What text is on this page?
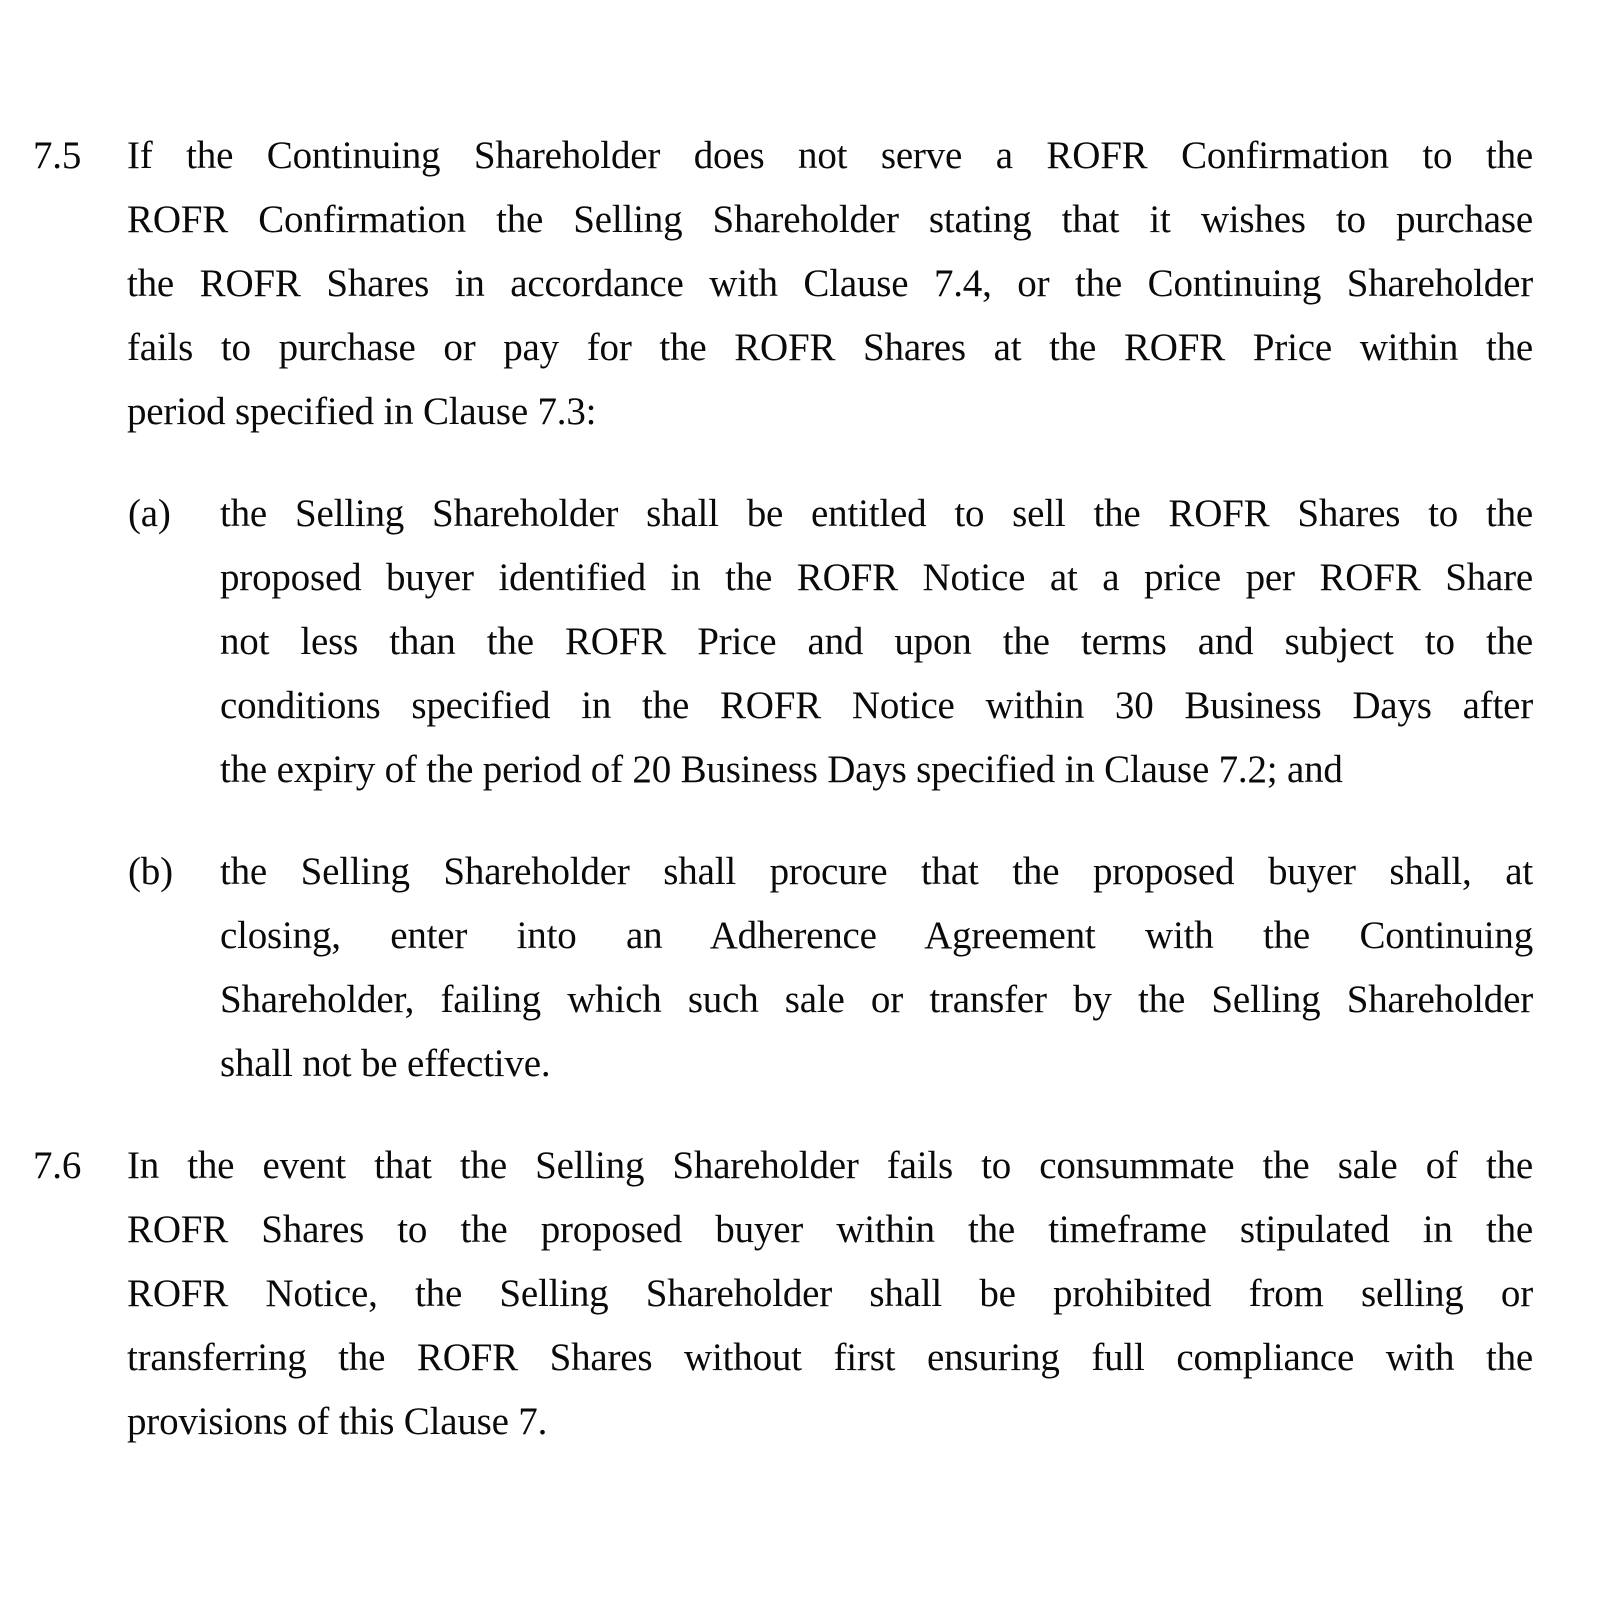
7.5	If the Continuing Shareholder does not serve a ROFR Confirmation to the
ROFR Confirmation the Selling Shareholder stating that it wishes to purchase
the ROFR Shares in accordance with Clause 7.4, or the Continuing Shareholder
fails to purchase or pay for the ROFR Shares at the ROFR Price within the
period specified in Clause 7.3:
(a)	the Selling Shareholder shall be entitled to sell the ROFR Shares to the
proposed buyer identified in the ROFR Notice at a price per ROFR Share
not less than the ROFR Price and upon the terms and subject to the
conditions specified in the ROFR Notice within 30 Business Days after
the expiry of the period of 20 Business Days specified in Clause 7.2; and
(b)	the Selling Shareholder shall procure that the proposed buyer shall, at
closing, enter into an Adherence Agreement with the Continuing
Shareholder, failing which such sale or transfer by the Selling Shareholder
shall not be effective.
7.6	In the event that the Selling Shareholder fails to consummate the sale of the
ROFR Shares to the proposed buyer within the timeframe stipulated in the
ROFR Notice, the Selling Shareholder shall be prohibited from selling or
transferring the ROFR Shares without first ensuring full compliance with the
provisions of this Clause 7.
